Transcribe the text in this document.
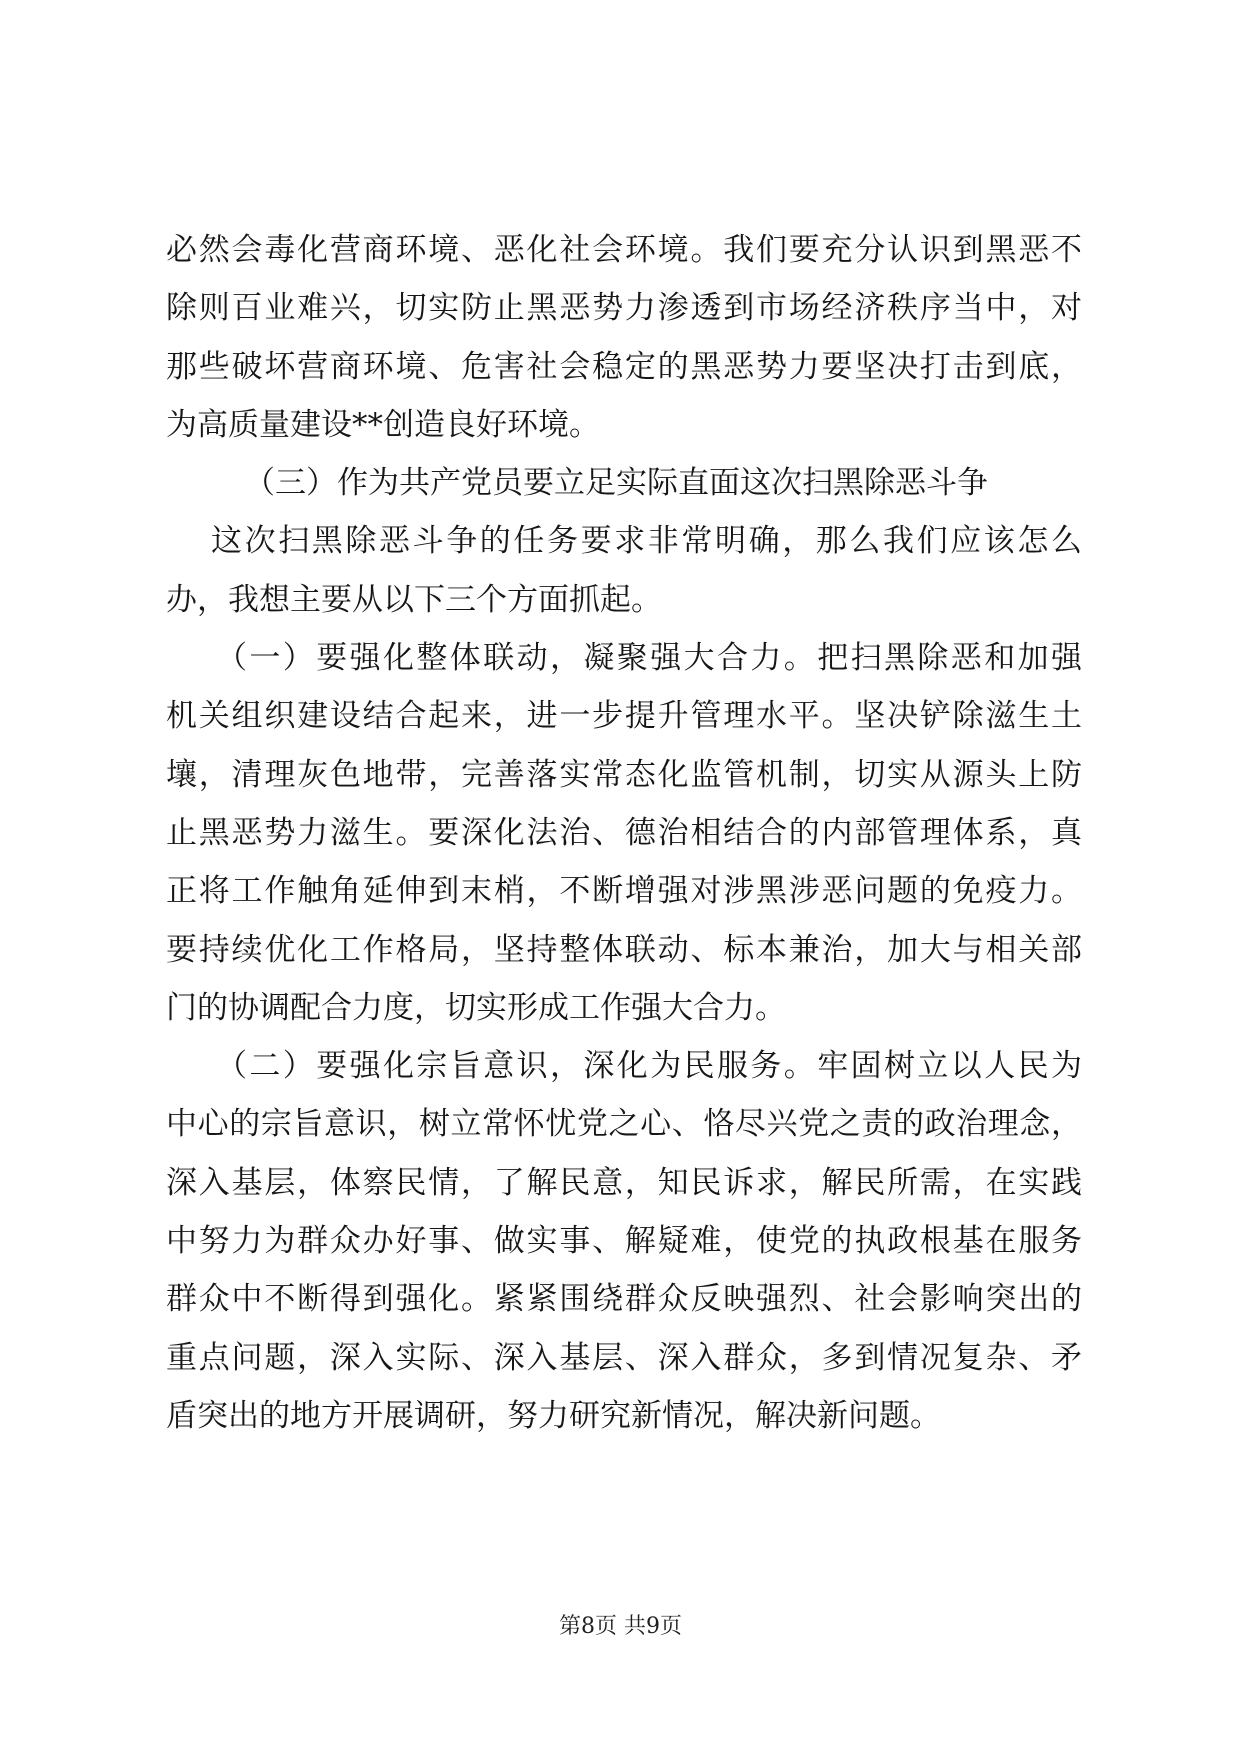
必然会毒化营商环境、恶化社会环境。我们要充分认识到黑恶不
除则百业难兴，切实防止黑恶势力渗透到市场经济秩序当中，对
那些破坏营商环境、危害社会稳定的黑恶势力要坚决打击到底，
为高质量建设**创造良好环境。
（三）作为共产党员要立足实际直面这次扫黑除恶斗争
这次扫黑除恶斗争的任务要求非常明确，那么我们应该怎么
办，我想主要从以下三个方面抓起。
（一）要强化整体联动，凝聚强大合力。把扫黑除恶和加强
机关组织建设结合起来，进一步提升管理水平。坚决铲除滋生土
壤，清理灰色地带，完善落实常态化监管机制，切实从源头上防
止黑恶势力滋生。要深化法治、德治相结合的内部管理体系，真
正将工作触角延伸到末梢，不断增强对涉黑涉恶问题的免疫力。
要持续优化工作格局，坚持整体联动、标本兼治，加大与相关部
门的协调配合力度，切实形成工作强大合力。
（二）要强化宗旨意识，深化为民服务。牢固树立以人民为
中心的宗旨意识，树立常怀忧党之心、恪尽兴党之责的政治理念，
深入基层，体察民情，了解民意，知民诉求，解民所需，在实践
中努力为群众办好事、做实事、解疑难，使党的执政根基在服务
群众中不断得到强化。紧紧围绕群众反映强烈、社会影响突出的
重点问题，深入实际、深入基层、深入群众，多到情况复杂、矛
盾突出的地方开展调研，努力研究新情况，解决新问题。
第8页 共9页
